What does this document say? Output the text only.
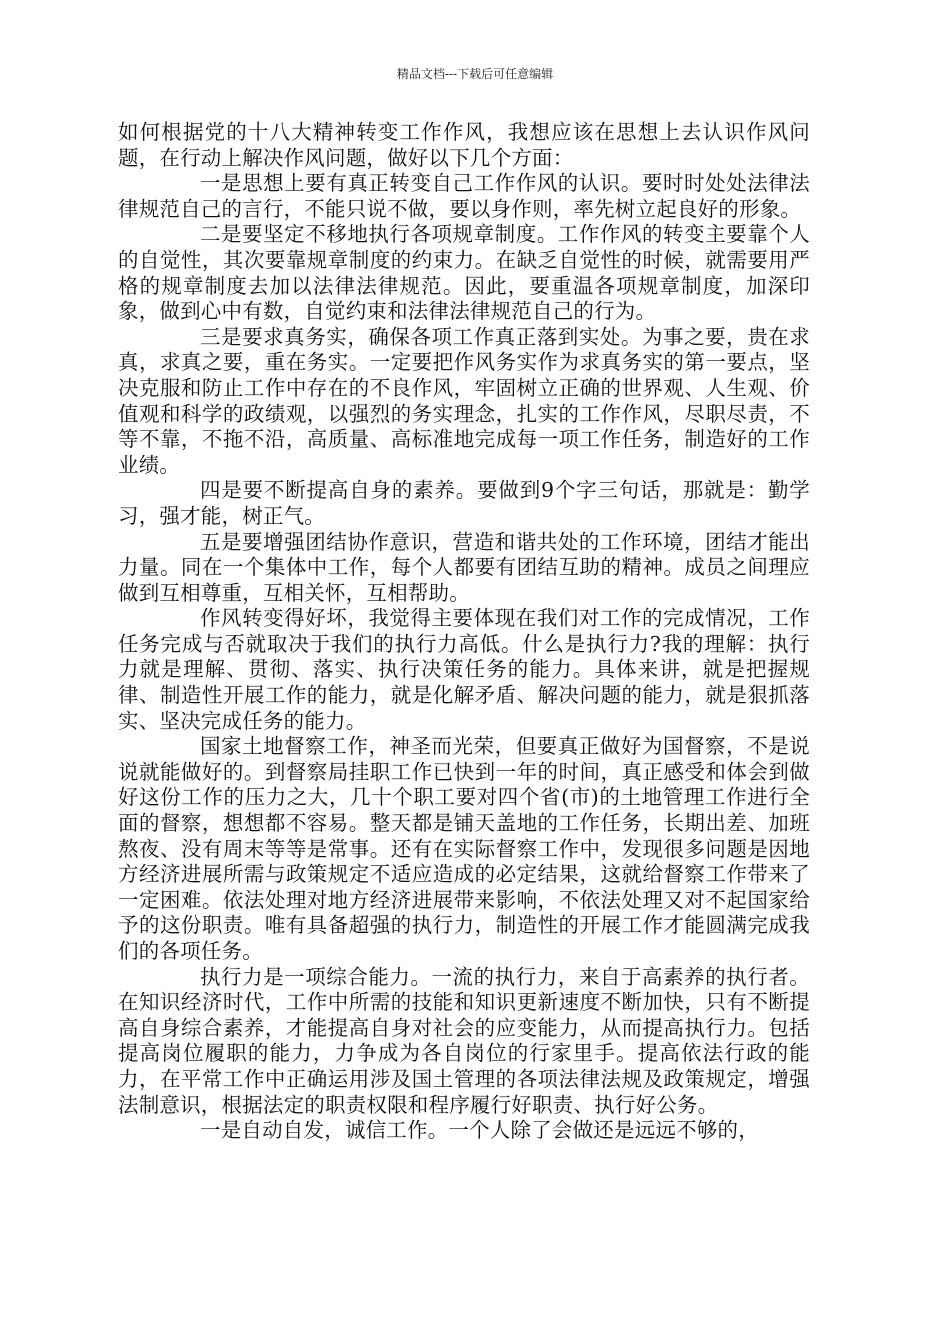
精品文档---下载后可任意编辑

如何根据党的十八大精神转变工作作风，我想应该在思想上去认识作风问题，在行动上解决作风问题，做好以下几个方面：

一是思想上要有真正转变自己工作作风的认识。要时时处处法律法律规范自己的言行，不能只说不做，要以身作则，率先树立起良好的形象。

二是要坚定不移地执行各项规章制度。工作作风的转变主要靠个人的自觉性，其次要靠规章制度的约束力。在缺乏自觉性的时候，就需要用严格的规章制度去加以法律法律规范。因此，要重温各项规章制度，加深印象，做到心中有数，自觉约束和法律法律规范自己的行为。

三是要求真务实，确保各项工作真正落到实处。为事之要，贵在求真，求真之要，重在务实。一定要把作风务实作为求真务实的第一要点，坚决克服和防止工作中存在的不良作风，牢固树立正确的世界观、人生观、价值观和科学的政绩观，以强烈的务实理念，扎实的工作作风，尽职尽责，不等不靠，不拖不沿，高质量、高标准地完成每一项工作任务，制造好的工作业绩。

四是要不断提高自身的素养。要做到9个字三句话，那就是：勤学习，强才能，树正气。

五是要增强团结协作意识，营造和谐共处的工作环境，团结才能出力量。同在一个集体中工作，每个人都要有团结互助的精神。成员之间理应做到互相尊重，互相关怀，互相帮助。

作风转变得好坏，我觉得主要体现在我们对工作的完成情况，工作任务完成与否就取决于我们的执行力高低。什么是执行力?我的理解：执行力就是理解、贯彻、落实、执行决策任务的能力。具体来讲，就是把握规律、制造性开展工作的能力，就是化解矛盾、解决问题的能力，就是狠抓落实、坚决完成任务的能力。

国家土地督察工作，神圣而光荣，但要真正做好为国督察，不是说说就能做好的。到督察局挂职工作已快到一年的时间，真正感受和体会到做好这份工作的压力之大，几十个职工要对四个省(市)的土地管理工作进行全面的督察，想想都不容易。整天都是铺天盖地的工作任务，长期出差、加班熬夜、没有周末等等是常事。还有在实际督察工作中，发现很多问题是因地方经济进展所需与政策规定不适应造成的必定结果，这就给督察工作带来了一定困难。依法处理对地方经济进展带来影响，不依法处理又对不起国家给予的这份职责。唯有具备超强的执行力，制造性的开展工作才能圆满完成我们的各项任务。

执行力是一项综合能力。一流的执行力，来自于高素养的执行者。在知识经济时代，工作中所需的技能和知识更新速度不断加快，只有不断提高自身综合素养，才能提高自身对社会的应变能力，从而提高执行力。包括提高岗位履职的能力，力争成为各自岗位的行家里手。提高依法行政的能力，在平常工作中正确运用涉及国土管理的各项法律法规及政策规定，增强法制意识，根据法定的职责权限和程序履行好职责、执行好公务。

一是自动自发，诚信工作。一个人除了会做还是远远不够的，
